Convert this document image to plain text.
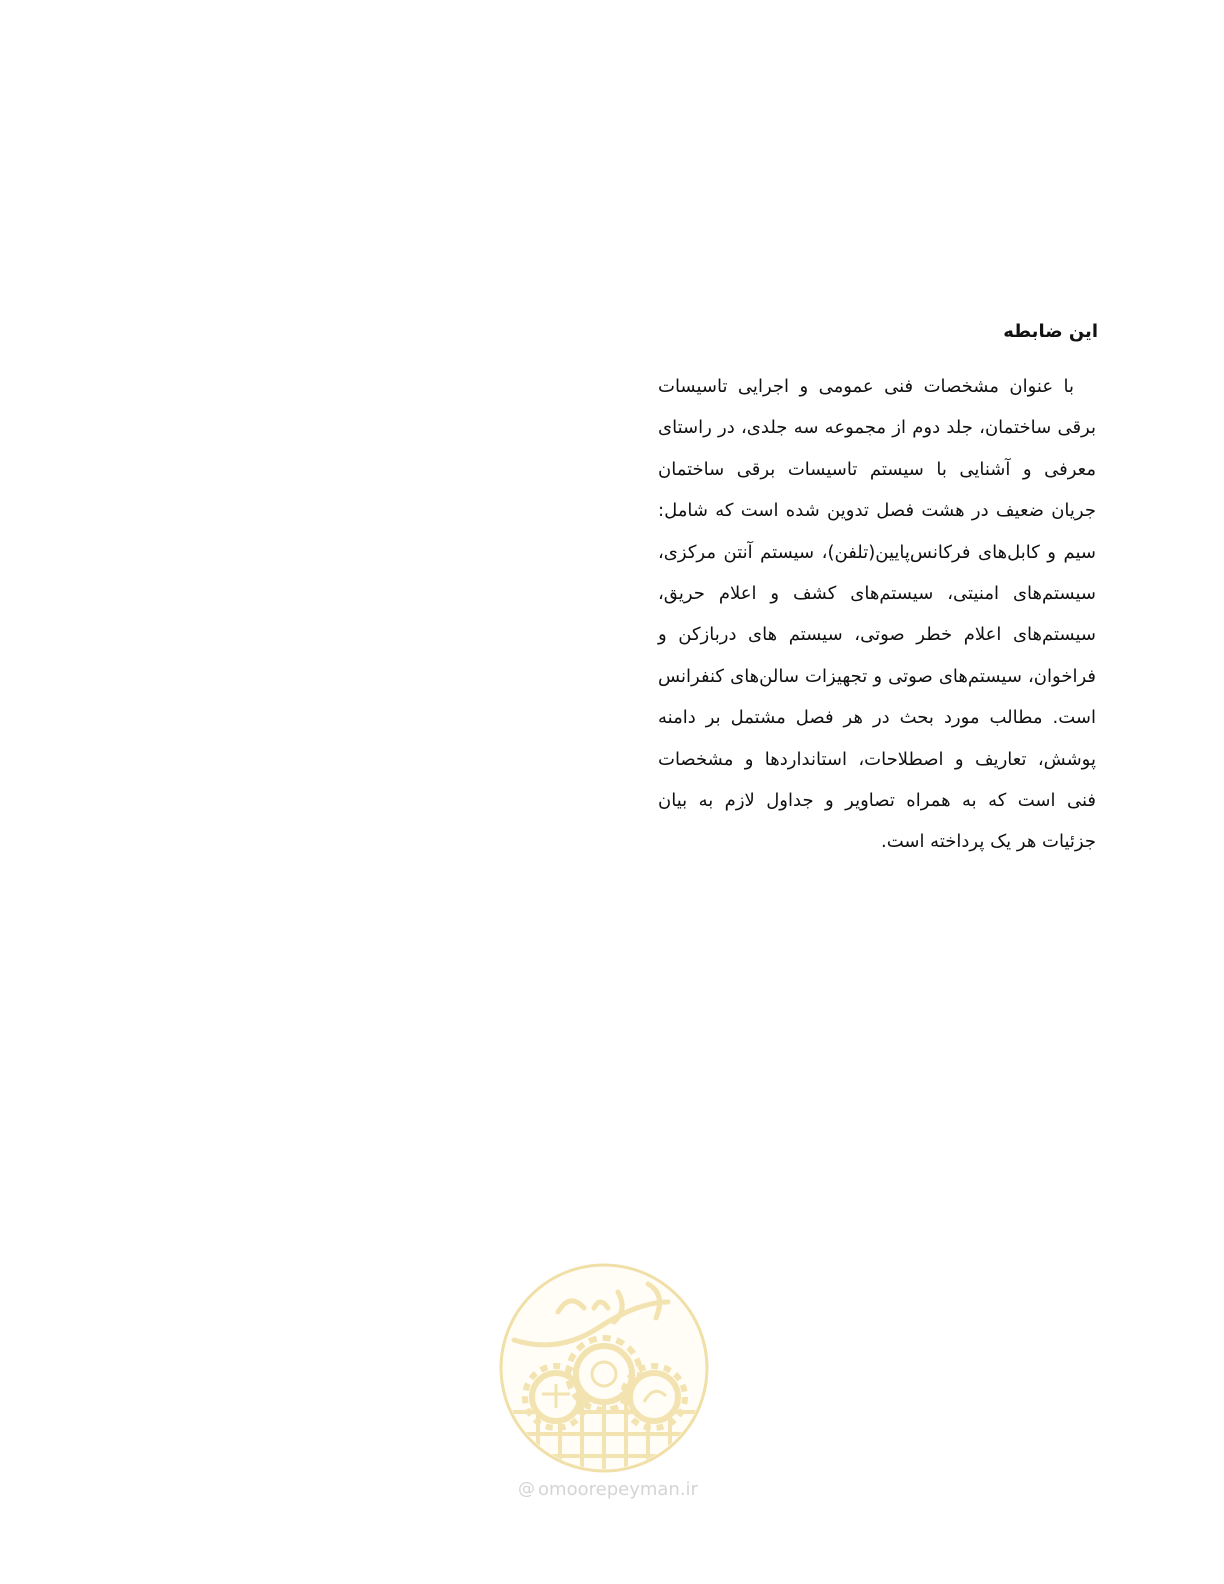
این ضابطه

با عنوان مشخصات فنی عمومی و اجرایی تاسیسات برقی ساختمان، جلد دوم از مجموعه سه جلدی، در راستای معرفی و آشنایی با سیستم تاسیسات برقی ساختمان جریان ضعیف در هشت فصل تدوین شده است که شامل: سیم و کابل‌های فرکانس‌پایین(تلفن)، سیستم آنتن مرکزی، سیستم‌های امنیتی، سیستم‌های کشف و اعلام حریق، سیستم‌های اعلام خطر صوتی، سیستم های دربازکن و فراخوان، سیستم‌های صوتی و تجهیزات سالن‌های کنفرانس است. مطالب مورد بحث در هر فصل مشتمل بر دامنه پوشش، تعاریف و اصطلاحات، استانداردها و مشخصات فنی است که به همراه تصاویر و جداول لازم به بیان جزئیات هر یک پرداخته است.

@ omoorepeyman.ir
